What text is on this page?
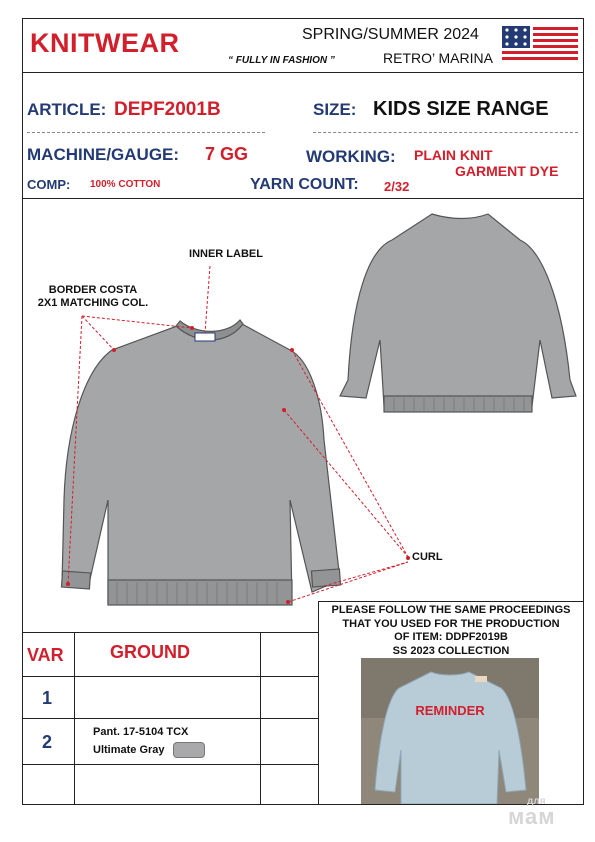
KNITWEAR	SPRING/SUMMER 2024
“ FULLY IN FASHION ”	RETRO’ MARINA
ARTICLE: DEPF2001B	SIZE: KIDS SIZE RANGE
MACHINE/GAUGE: 7 GG	WORKING: PLAIN KNIT
GARMENT DYE
COMP: 100% COTTON	YARN COUNT: 2/32
INNER LABEL
BORDER COSTA
2X1 MATCHING COL.
CURL
VAR	GROUND
1
2	Pant. 17-5104 TCX
Ultimate Gray
PLEASE FOLLOW THE SAME PROCEEDINGS
THAT YOU USED FOR THE PRODUCTION
OF ITEM: DDPF2019B
SS 2023 COLLECTION
REMINDER
для
мам
